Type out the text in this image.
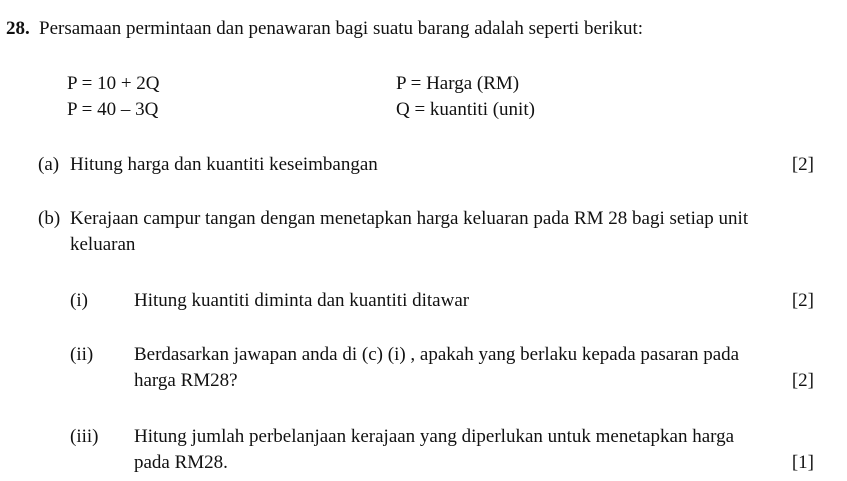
28. Persamaan permintaan dan penawaran bagi suatu barang adalah seperti berikut:
P = 10 + 2Q
P = 40 – 3Q
P = Harga (RM)
Q = kuantiti (unit)
(a) Hitung harga dan kuantiti keseimbangan	[2]
(b) Kerajaan campur tangan dengan menetapkan harga keluaran pada RM 28 bagi setiap unit
keluaran
(i) Hitung kuantiti diminta dan kuantiti ditawar	[2]
(ii) Berdasarkan jawapan anda di (c) (i) , apakah yang berlaku kepada pasaran pada
harga RM28?	[2]
(iii) Hitung jumlah perbelanjaan kerajaan yang diperlukan untuk menetapkan harga
pada RM28.	[1]
